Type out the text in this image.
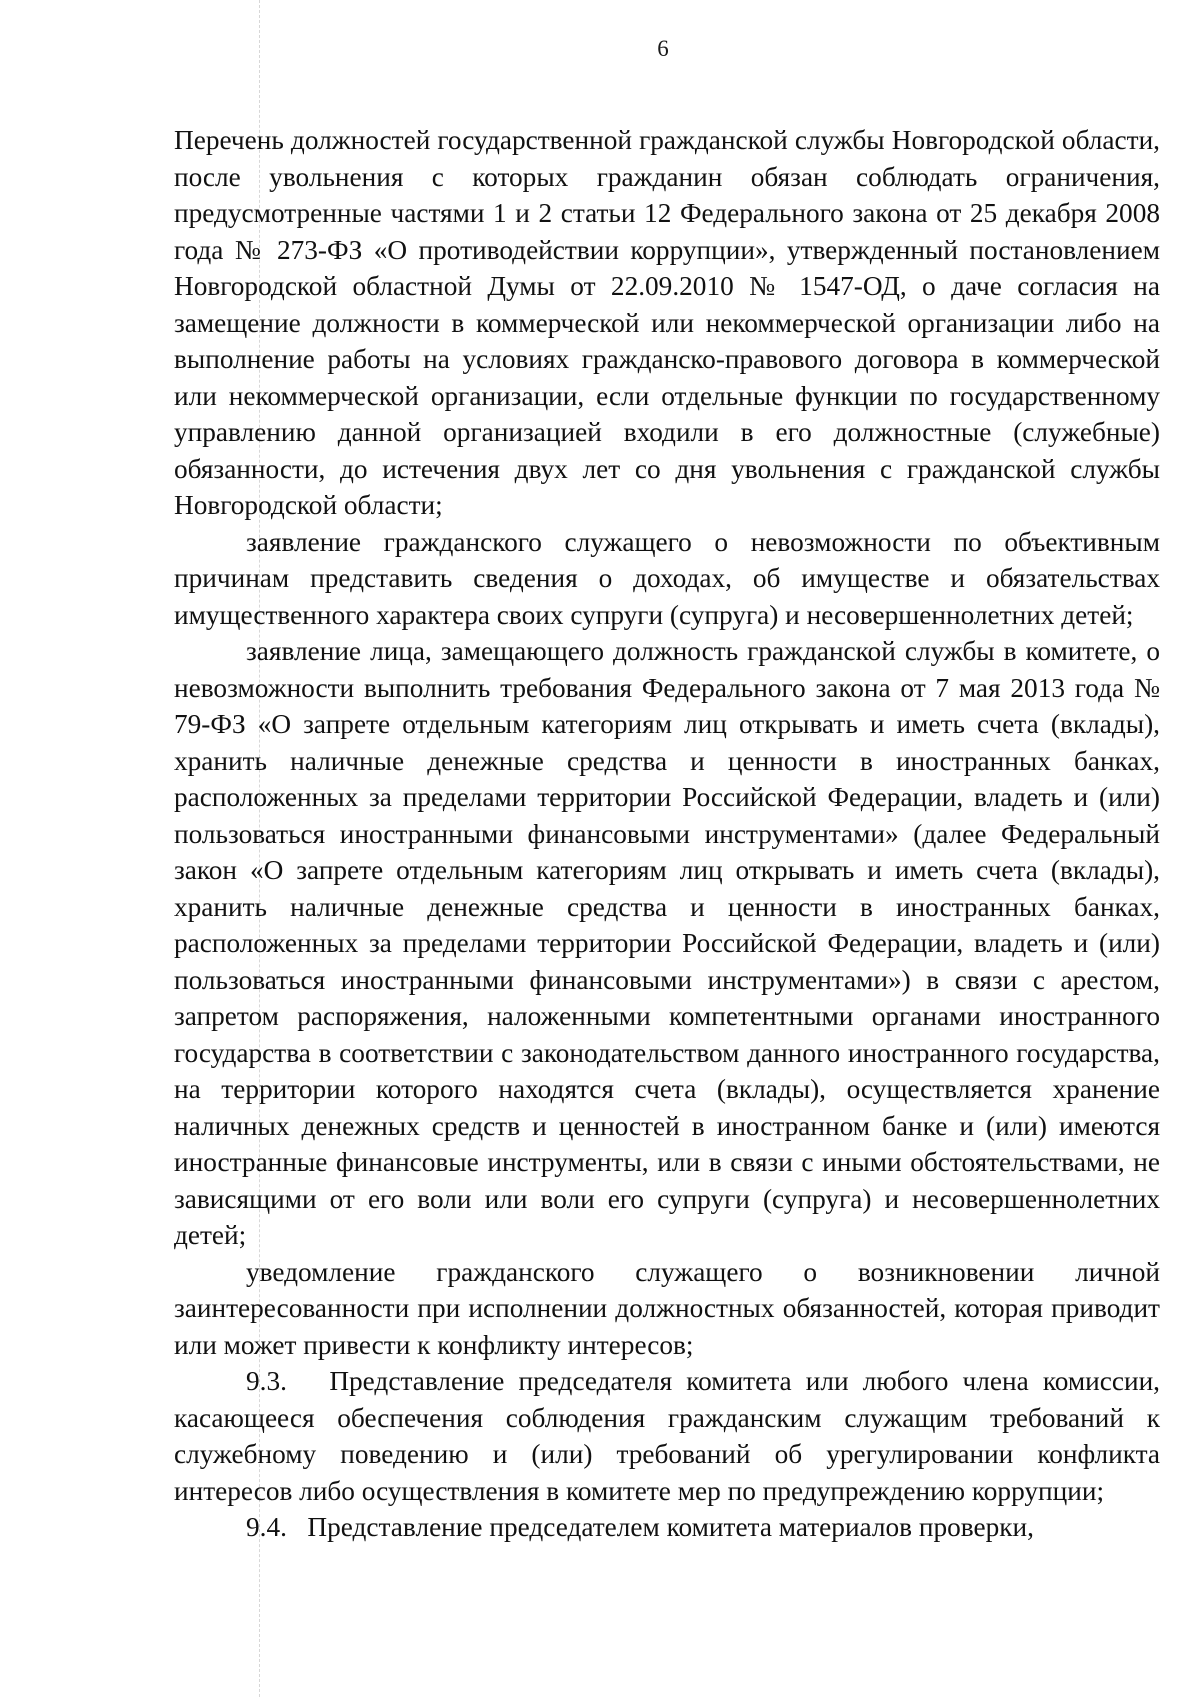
6

Перечень должностей государственной гражданской службы Новгородской области, после увольнения с которых гражданин обязан соблюдать ограничения, предусмотренные частями 1 и 2 статьи 12 Федерального закона от 25 декабря 2008 года № 273-ФЗ «О противодействии коррупции», утвержденный постановлением Новгородской областной Думы от 22.09.2010 № 1547-ОД, о даче согласия на замещение должности в коммерческой или некоммерческой организации либо на выполнение работы на условиях гражданско-правового договора в коммерческой или некоммерческой организации, если отдельные функции по государственному управлению данной организацией входили в его должностные (служебные) обязанности, до истечения двух лет со дня увольнения с гражданской службы Новгородской области;

заявление гражданского служащего о невозможности по объективным причинам представить сведения о доходах, об имуществе и обязательствах имущественного характера своих супруги (супруга) и несовершеннолетних детей;

заявление лица, замещающего должность гражданской службы в комитете, о невозможности выполнить требования Федерального закона от 7 мая 2013 года № 79-ФЗ «О запрете отдельным категориям лиц открывать и иметь счета (вклады), хранить наличные денежные средства и ценности в иностранных банках, расположенных за пределами территории Российской Федерации, владеть и (или) пользоваться иностранными финансовыми инструментами» (далее Федеральный закон «О запрете отдельным категориям лиц открывать и иметь счета (вклады), хранить наличные денежные средства и ценности в иностранных банках, расположенных за пределами территории Российской Федерации, владеть и (или) пользоваться иностранными финансовыми инструментами») в связи с арестом, запретом распоряжения, наложенными компетентными органами иностранного государства в соответствии с законодательством данного иностранного государства, на территории которого находятся счета (вклады), осуществляется хранение наличных денежных средств и ценностей в иностранном банке и (или) имеются иностранные финансовые инструменты, или в связи с иными обстоятельствами, не зависящими от его воли или воли его супруги (супруга) и несовершеннолетних детей;

уведомление гражданского служащего о возникновении личной заинтересованности при исполнении должностных обязанностей, которая приводит или может привести к конфликту интересов;

9.3.   Представление председателя комитета или любого члена комиссии, касающееся обеспечения соблюдения гражданским служащим требований к служебному поведению и (или) требований об урегулировании конфликта интересов либо осуществления в комитете мер по предупреждению коррупции;

9.4.   Представление председателем комитета материалов проверки,
